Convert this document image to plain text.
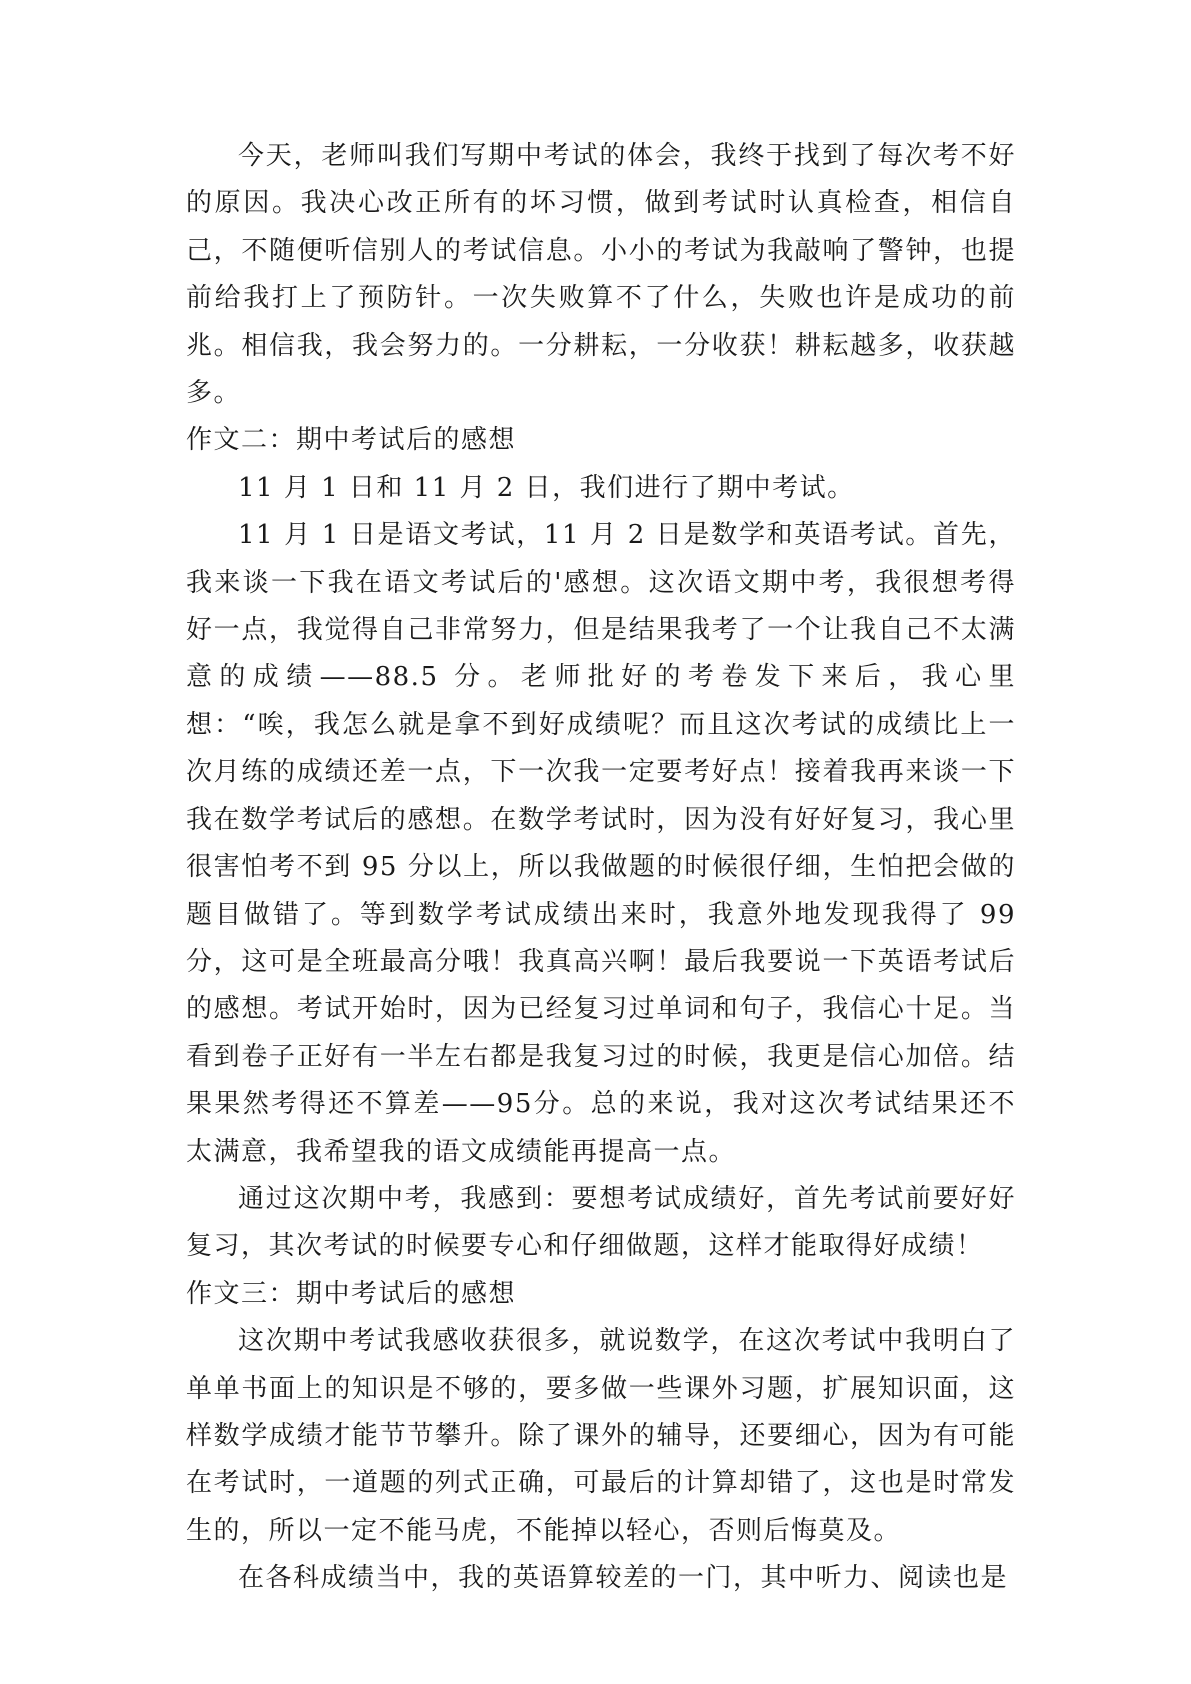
今天，老师叫我们写期中考试的体会，我终于找到了每次考不好的原因。我决心改正所有的坏习惯，做到考试时认真检查，相信自己，不随便听信别人的考试信息。小小的考试为我敲响了警钟，也提前给我打上了预防针。一次失败算不了什么，失败也许是成功的前兆。相信我，我会努力的。一分耕耘，一分收获！耕耘越多，收获越多。

作文二：期中考试后的感想

11 月 1 日和 11 月 2 日，我们进行了期中考试。

11 月 1 日是语文考试，11 月 2 日是数学和英语考试。首先，我来谈一下我在语文考试后的'感想。这次语文期中考，我很想考得好一点，我觉得自己非常努力，但是结果我考了一个让我自己不太满意的成绩——88.5 分。老师批好的考卷发下来后，我心里想：“唉，我怎么就是拿不到好成绩呢？而且这次考试的成绩比上一次月练的成绩还差一点，下一次我一定要考好点！接着我再来谈一下我在数学考试后的感想。在数学考试时，因为没有好好复习，我心里很害怕考不到 95 分以上，所以我做题的时候很仔细，生怕把会做的题目做错了。等到数学考试成绩出来时，我意外地发现我得了 99 分，这可是全班最高分哦！我真高兴啊！最后我要说一下英语考试后的感想。考试开始时，因为已经复习过单词和句子，我信心十足。当看到卷子正好有一半左右都是我复习过的时候，我更是信心加倍。结果果然考得还不算差——95分。总的来说，我对这次考试结果还不太满意，我希望我的语文成绩能再提高一点。

通过这次期中考，我感到：要想考试成绩好，首先考试前要好好复习，其次考试的时候要专心和仔细做题，这样才能取得好成绩！

作文三：期中考试后的感想

这次期中考试我感收获很多，就说数学，在这次考试中我明白了单单书面上的知识是不够的，要多做一些课外习题，扩展知识面，这样数学成绩才能节节攀升。除了课外的辅导，还要细心，因为有可能在考试时，一道题的列式正确，可最后的计算却错了，这也是时常发生的，所以一定不能马虎，不能掉以轻心，否则后悔莫及。

在各科成绩当中，我的英语算较差的一门，其中听力、阅读也是
